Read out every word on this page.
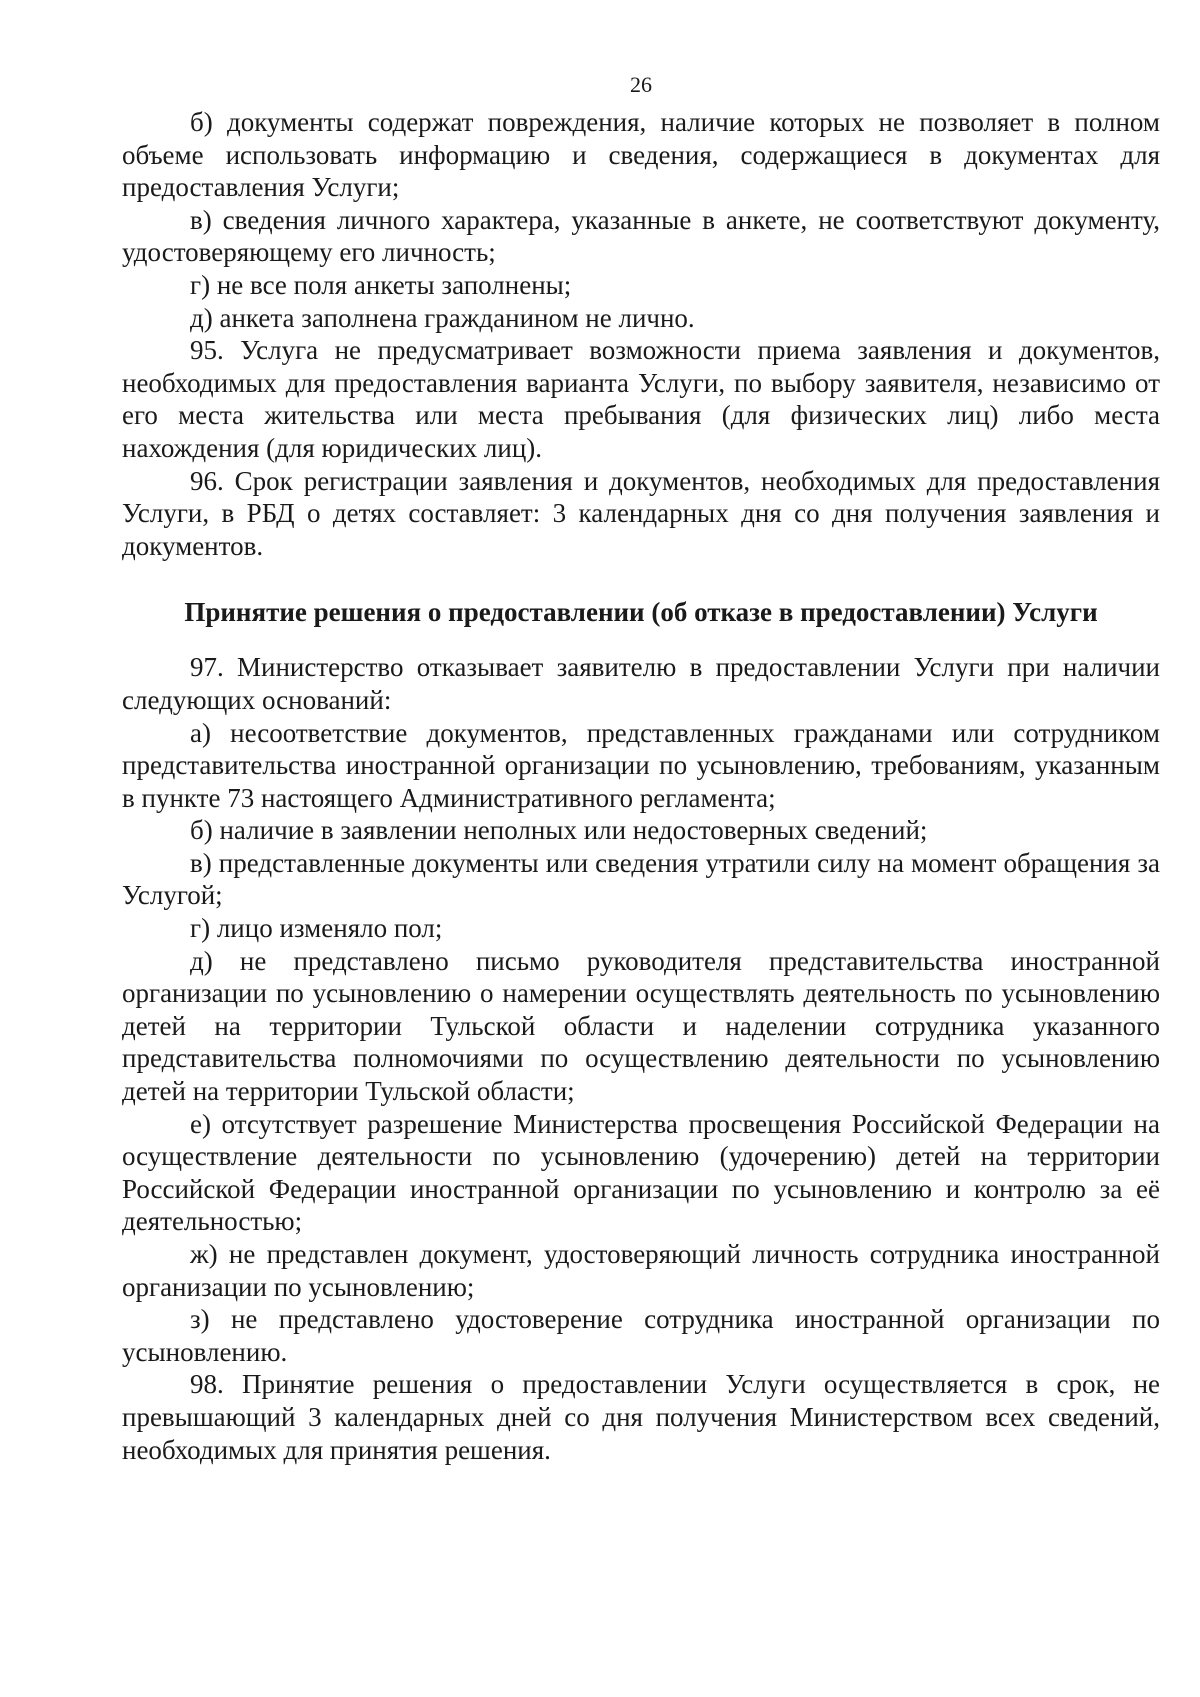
26

б) документы содержат повреждения, наличие которых не позволяет в полном объеме использовать информацию и сведения, содержащиеся в документах для предоставления Услуги;

в) сведения личного характера, указанные в анкете, не соответствуют документу, удостоверяющему его личность;

г) не все поля анкеты заполнены;

д) анкета заполнена гражданином не лично.

95. Услуга не предусматривает возможности приема заявления и документов, необходимых для предоставления варианта Услуги, по выбору заявителя, независимо от его места жительства или места пребывания (для физических лиц) либо места нахождения (для юридических лиц).

96. Срок регистрации заявления и документов, необходимых для предоставления Услуги, в РБД о детях составляет: 3 календарных дня со дня получения заявления и документов.

Принятие решения о предоставлении (об отказе в предоставлении) Услуги

97. Министерство отказывает заявителю в предоставлении Услуги при наличии следующих оснований:

а) несоответствие документов, представленных гражданами или сотрудником представительства иностранной организации по усыновлению, требованиям, указанным в пункте 73 настоящего Административного регламента;

б) наличие в заявлении неполных или недостоверных сведений;

в) представленные документы или сведения утратили силу на момент обращения за Услугой;

г) лицо изменяло пол;

д) не представлено письмо руководителя представительства иностранной организации по усыновлению о намерении осуществлять деятельность по усыновлению детей на территории Тульской области и наделении сотрудника указанного представительства полномочиями по осуществлению деятельности по усыновлению детей на территории Тульской области;

е) отсутствует разрешение Министерства просвещения Российской Федерации на осуществление деятельности по усыновлению (удочерению) детей на территории Российской Федерации иностранной организации по усыновлению и контролю за её деятельностью;

ж) не представлен документ, удостоверяющий личность сотрудника иностранной организации по усыновлению;

з) не представлено удостоверение сотрудника иностранной организации по усыновлению.

98. Принятие решения о предоставлении Услуги осуществляется в срок, не превышающий 3 календарных дней со дня получения Министерством всех сведений, необходимых для принятия решения.
